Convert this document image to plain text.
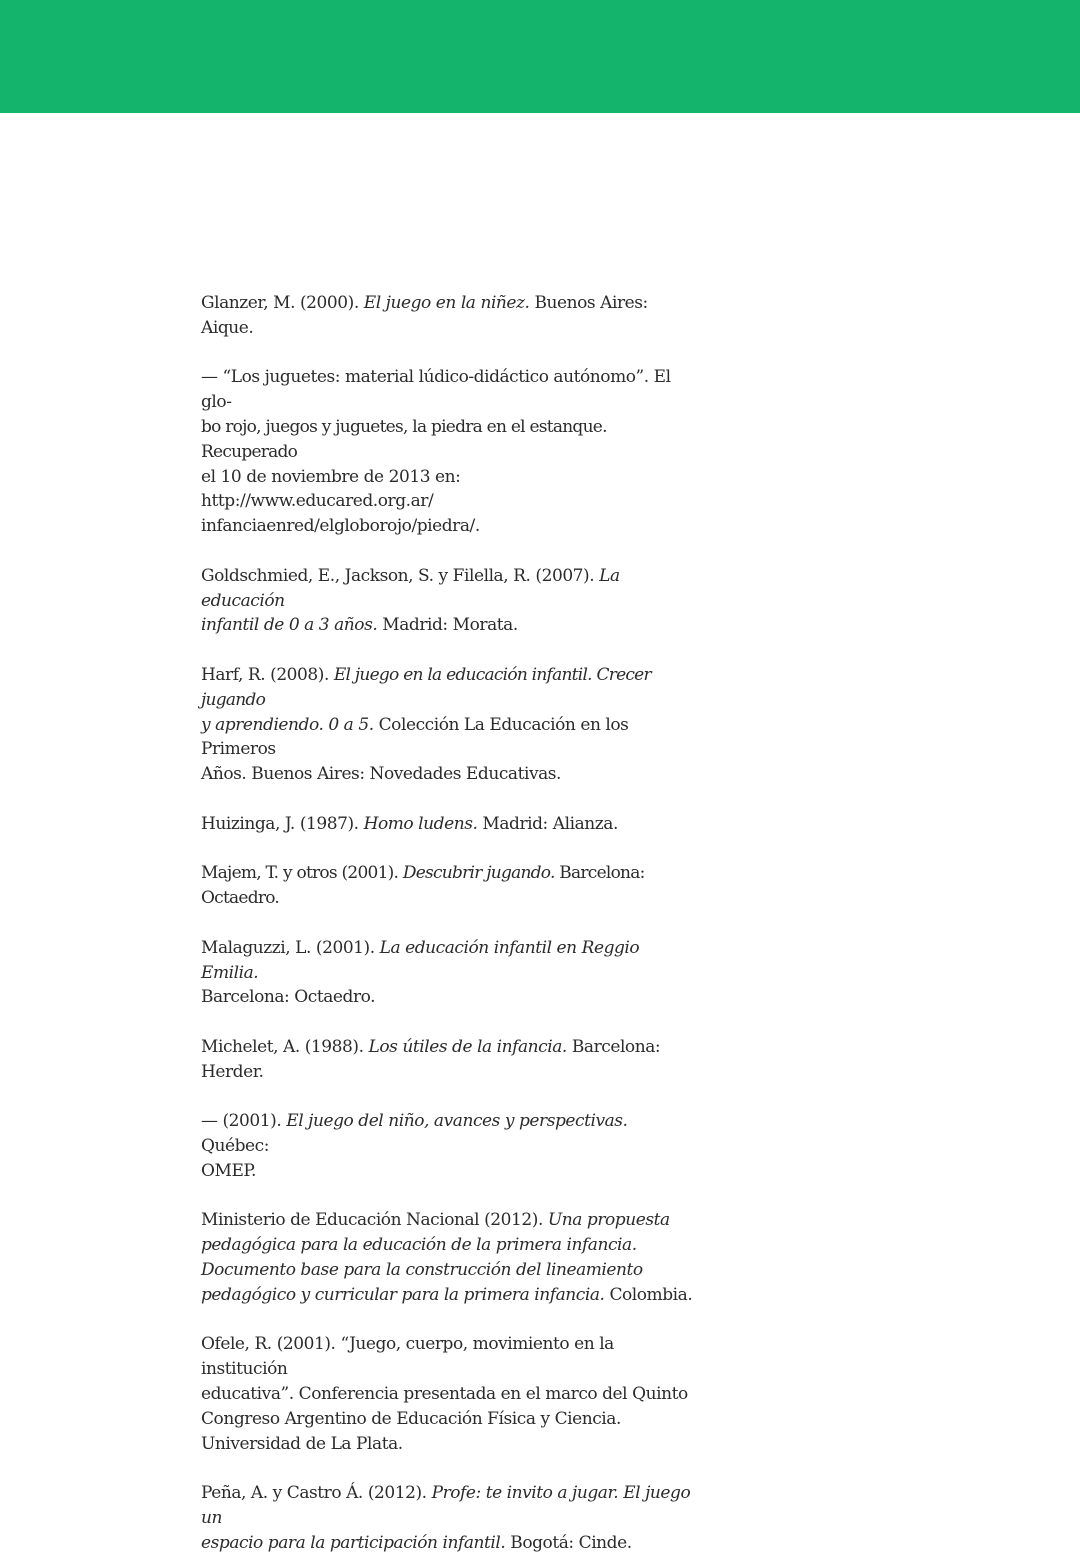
Glanzer, M. (2000). El juego en la niñez. Buenos Aires: Aique.

— “Los juguetes: material lúdico-didáctico autónomo”. El glo-
bo rojo, juegos y juguetes, la piedra en el estanque. Recuperado
el 10 de noviembre de 2013 en: http://www.educared.org.ar/
infanciaenred/elgloborojo/piedra/.

Goldschmied, E., Jackson, S. y Filella, R. (2007). La educación
infantil de 0 a 3 años. Madrid: Morata.

Harf, R. (2008). El juego en la educación infantil. Crecer jugando
y aprendiendo. 0 a 5. Colección La Educación en los Primeros
Años. Buenos Aires: Novedades Educativas.

Huizinga, J. (1987). Homo ludens. Madrid: Alianza.

Majem, T. y otros (2001). Descubrir jugando. Barcelona: Octaedro.

Malaguzzi, L. (2001). La educación infantil en Reggio Emilia.
Barcelona: Octaedro.

Michelet, A. (1988). Los útiles de la infancia. Barcelona: Herder.

— (2001). El juego del niño, avances y perspectivas. Québec:
OMEP.

Ministerio de Educación Nacional (2012). Una propuesta
pedagógica para la educación de la primera infancia.
Documento base para la construcción del lineamiento
pedagógico y curricular para la primera infancia. Colombia.

Ofele, R. (2001). “Juego, cuerpo, movimiento en la institución
educativa”. Conferencia presentada en el marco del Quinto
Congreso Argentino de Educación Física y Ciencia.
Universidad de La Plata.

Peña, A. y Castro Á. (2012). Profe: te invito a jugar. El juego un
espacio para la participación infantil. Bogotá: Cinde.
